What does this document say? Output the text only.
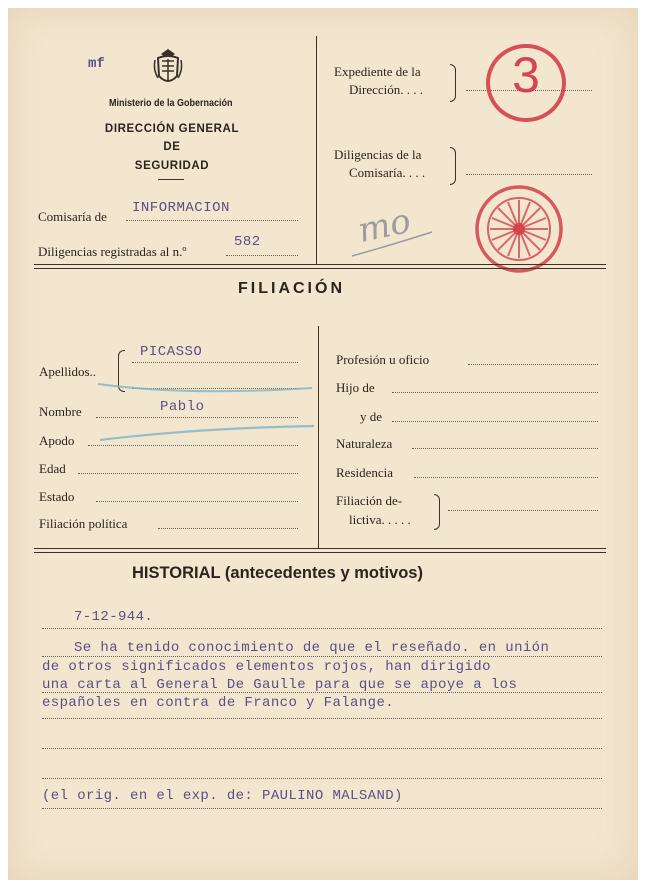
mf
Ministerio de la Gobernación
DIRECCIÓN GENERAL
DE
SEGURIDAD
Comisaría de
INFORMACION
Diligencias registradas al n.º
582
Expediente de la
Dirección. . . .
Diligencias de la
Comisaría. . . .
3
mo
FILIACIÓN
Apellidos..
PICASSO
Nombre	Pablo
Apodo
Edad
Estado
Filiación política
Profesión u oficio
Hijo de
y de
Naturaleza
Residencia
Filiación de-
lictiva. . . . .
HISTORIAL (antecedentes y motivos)
7-12-944.
Se ha tenido conocimiento de que el reseñado. en unión
de otros significados elementos rojos, han dirigido
una carta al General De Gaulle para que se apoye a los
españoles en contra de Franco y Falange.
(el orig. en el exp. de: PAULINO MALSAND)
